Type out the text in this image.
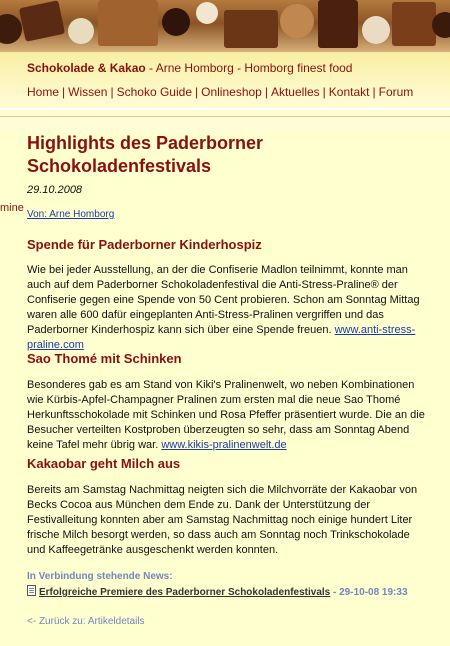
Schokolade & Kakao - Arne Homborg - Homborg finest food
Home | Wissen | Schoko Guide | Onlineshop | Aktuelles | Kontakt | Forum
Highlights des Paderborner Schokoladenfestivals
29.10.2008
mine
Von: Arne Homborg
Spende für Paderborner Kinderhospiz
Wie bei jeder Ausstellung, an der die Confiserie Madlon teilnimmt, konnte man auch auf dem Paderborner Schokoladenfestival die Anti-Stress-Praline® der Confiserie gegen eine Spende von 50 Cent probieren. Schon am Sonntag Mittag waren alle 600 dafür eingeplanten Anti-Stress-Pralinen vergriffen und das Paderborner Kinderhospiz kann sich über eine Spende freuen. www.anti-stress-praline.com
Sao Thomé mit Schinken
Besonderes gab es am Stand von Kiki's Pralinenwelt, wo neben Kombinationen wie Kürbis-Apfel-Champagner Pralinen zum ersten mal die neue Sao Thomé Herkunftsschokolade mit Schinken und Rosa Pfeffer präsentiert wurde. Die an die Besucher verteilten Kostproben überzeugten so sehr, dass am Sonntag Abend keine Tafel mehr übrig war. www.kikis-pralinenwelt.de
Kakaobar geht Milch aus
Bereits am Samstag Nachmittag neigten sich die Milchvorräte der Kakaobar von Becks Cocoa aus München dem Ende zu. Dank der Unterstützung der Festivalleitung konnten aber am Samstag Nachmittag noch einige hundert Liter frische Milch besorgt werden, so dass auch am Sonntag noch Trinkschokolade und Kaffeegetränke ausgeschenkt werden konnten.
In Verbindung stehende News:
Erfolgreiche Premiere des Paderborner Schokoladenfestivals - 29-10-08 19:33
<- Zurück zu: Artikeldetails
